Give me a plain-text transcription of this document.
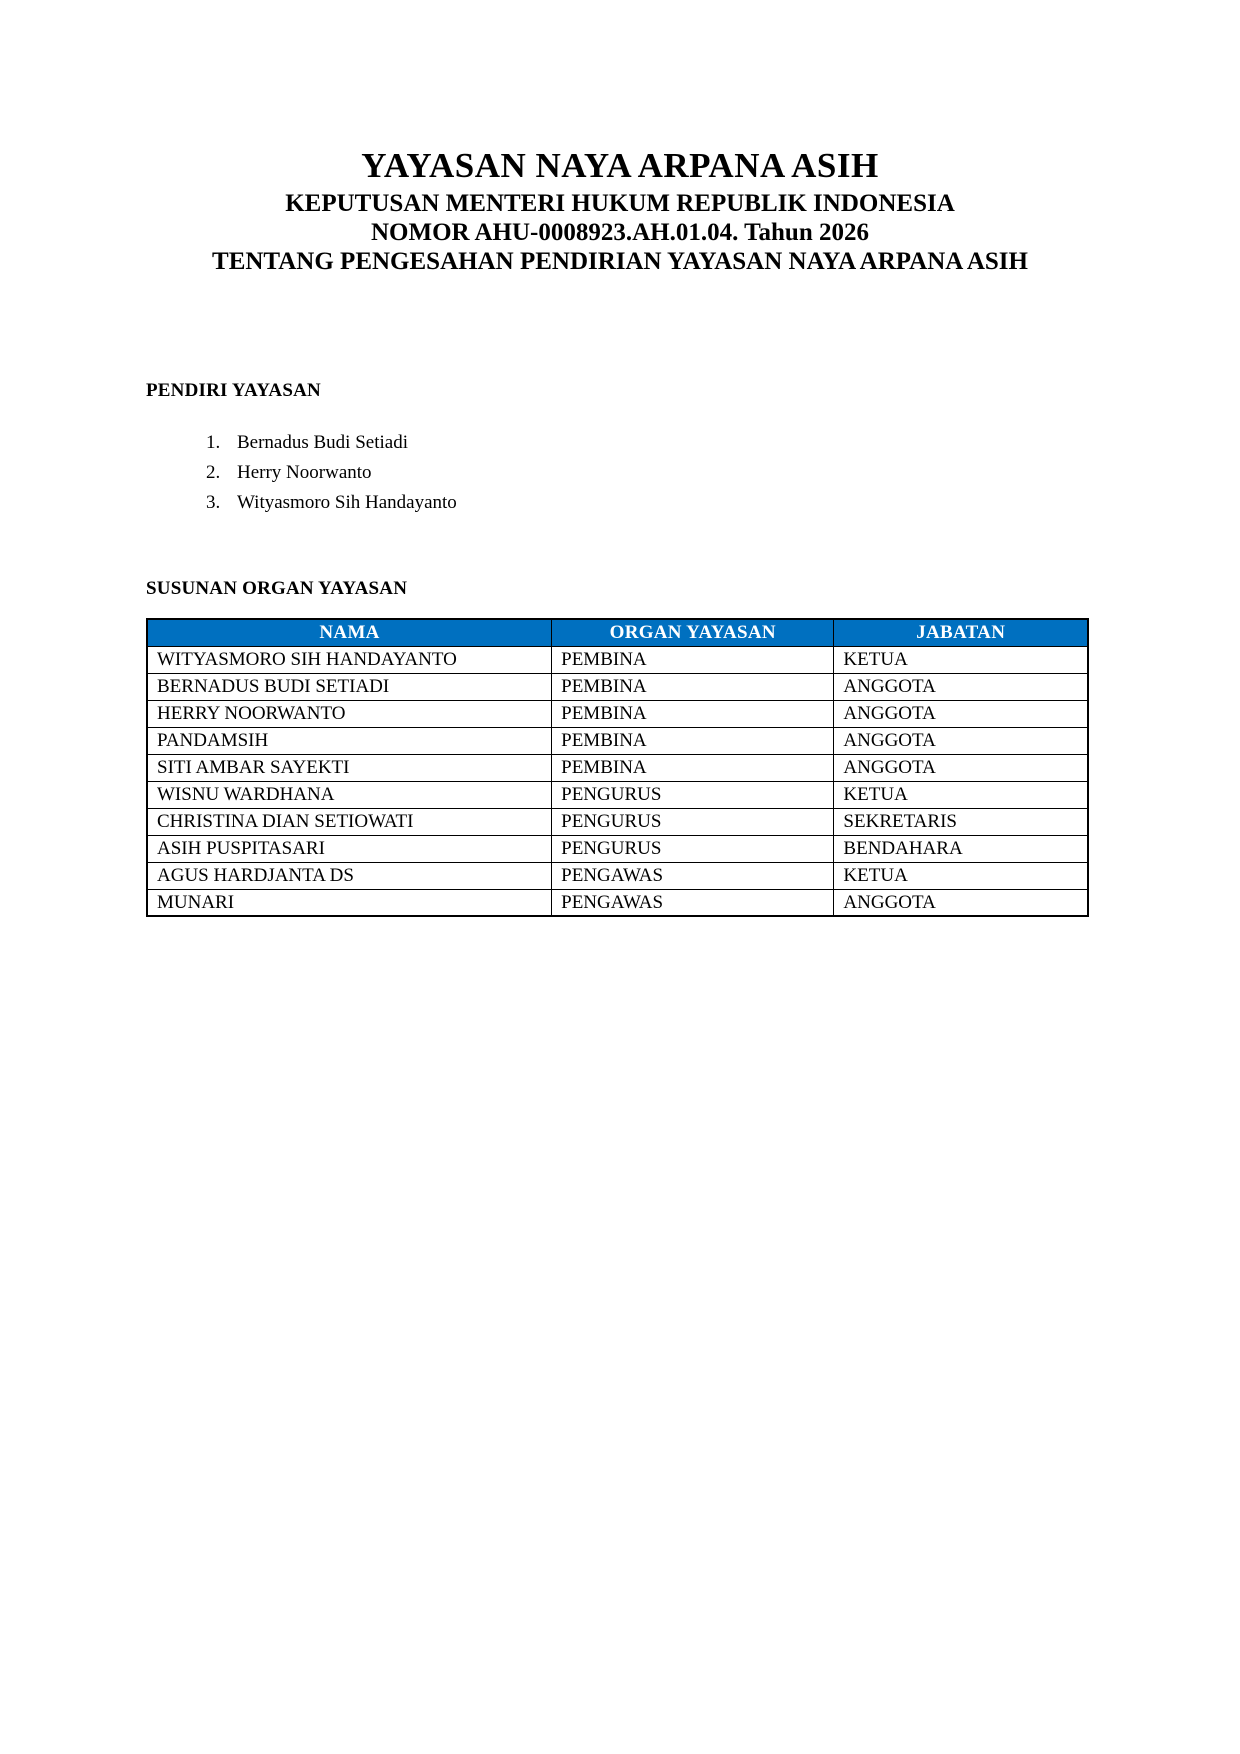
YAYASAN NAYA ARPANA ASIH
KEPUTUSAN MENTERI HUKUM REPUBLIK INDONESIA
NOMOR AHU-0008923.AH.01.04. Tahun 2026
TENTANG PENGESAHAN PENDIRIAN YAYASAN NAYA ARPANA ASIH
PENDIRI YAYASAN
1. Bernadus Budi Setiadi
2. Herry Noorwanto
3. Wityasmoro Sih Handayanto
SUSUNAN ORGAN YAYASAN
NAMA	ORGAN YAYASAN	JABATAN
WITYASMORO SIH HANDAYANTO	PEMBINA	KETUA
BERNADUS BUDI SETIADI	PEMBINA	ANGGOTA
HERRY NOORWANTO	PEMBINA	ANGGOTA
PANDAMSIH	PEMBINA	ANGGOTA
SITI AMBAR SAYEKTI	PEMBINA	ANGGOTA
WISNU WARDHANA	PENGURUS	KETUA
CHRISTINA DIAN SETIOWATI	PENGURUS	SEKRETARIS
ASIH PUSPITASARI	PENGURUS	BENDAHARA
AGUS HARDJANTA DS	PENGAWAS	KETUA
MUNARI	PENGAWAS	ANGGOTA
